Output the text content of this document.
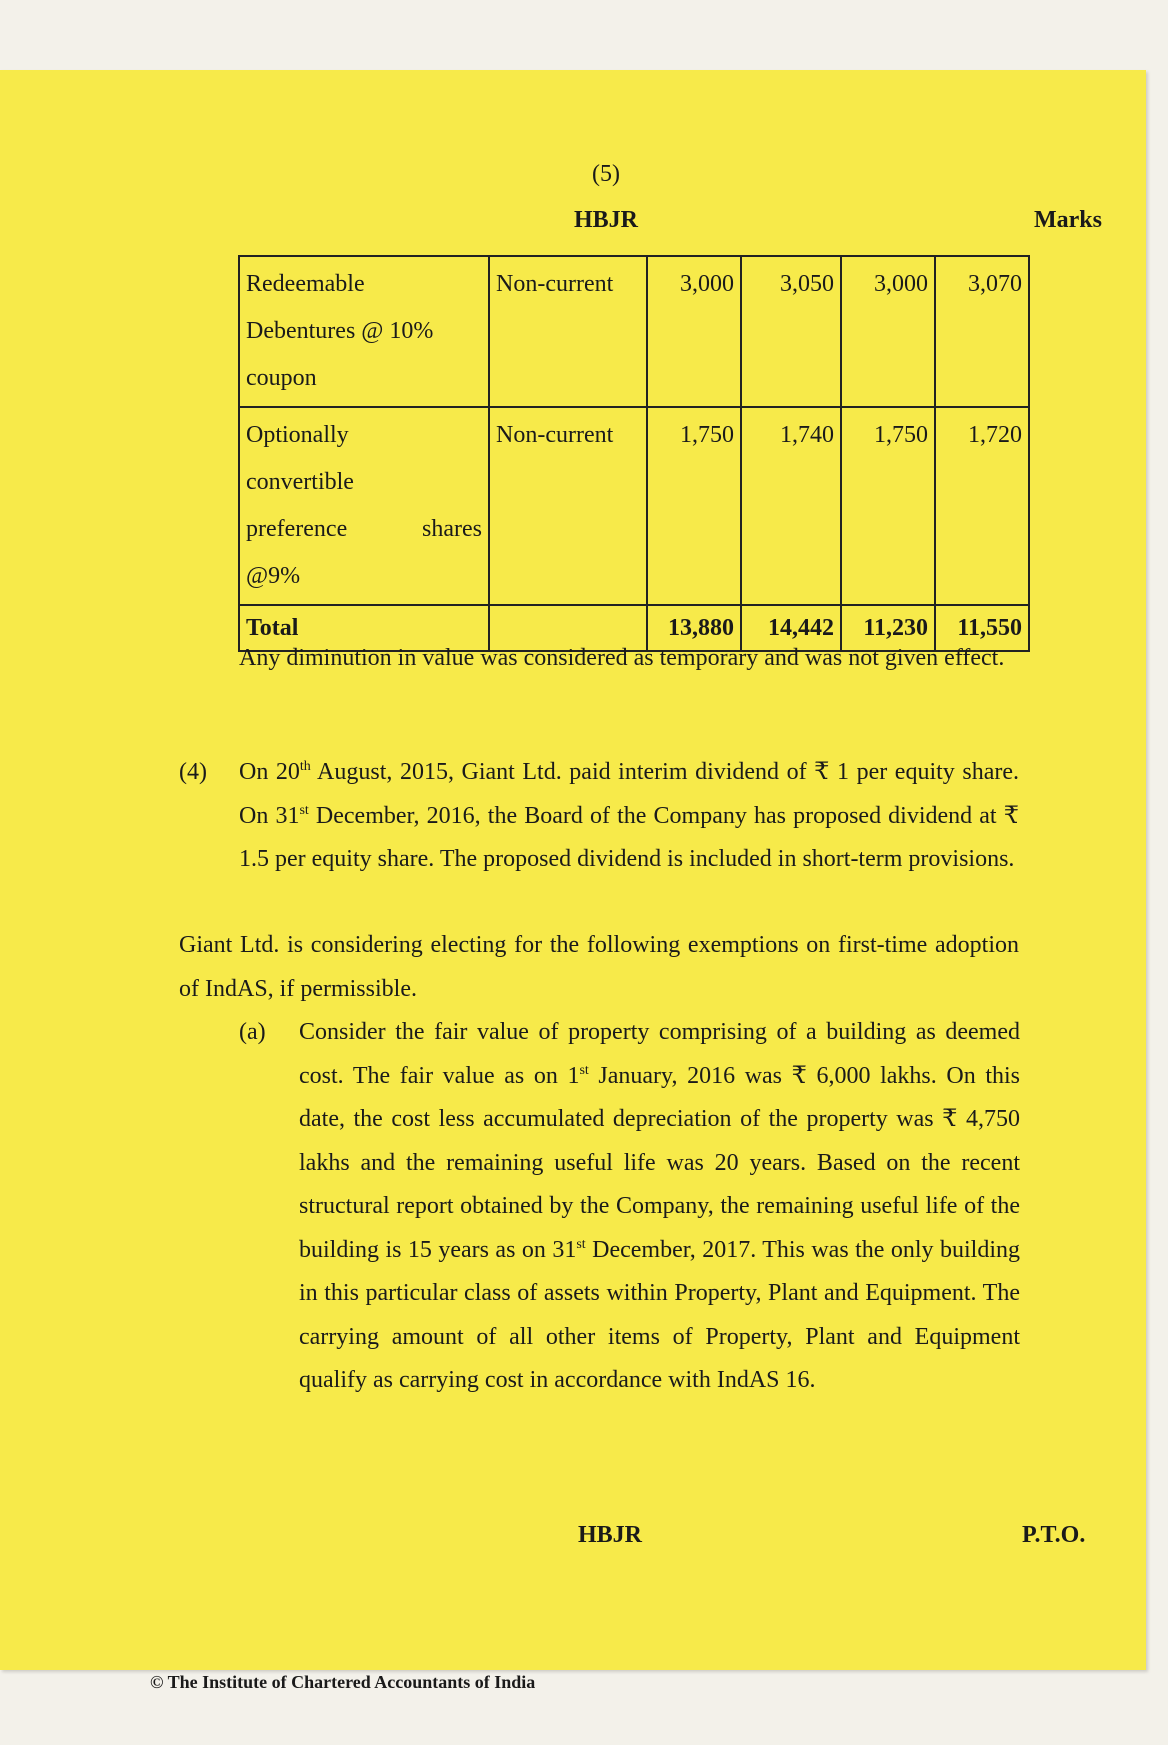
(5)
HBJR	Marks
Redeemable
Debentures @ 10%
coupon	Non-current	3,000	3,050	3,000	3,070

Optionally
convertible
preference shares
@9%	Non-current	1,750	1,740	1,750	1,720
Total		13,880	14,442	11,230	11,550
Any diminution in value was considered as temporary and was not given effect.
(4)	On 20th August, 2015, Giant Ltd. paid interim dividend of ₹ 1 per equity share. On 31st December, 2016, the Board of the Company has proposed dividend at ₹ 1.5 per equity share. The proposed dividend is included in short-term provisions.
Giant Ltd. is considering electing for the following exemptions on first-time adoption of IndAS, if permissible.
(a)	Consider the fair value of property comprising of a building as deemed cost. The fair value as on 1st January, 2016 was ₹ 6,000 lakhs. On this date, the cost less accumulated depreciation of the property was ₹ 4,750 lakhs and the remaining useful life was 20 years. Based on the recent structural report obtained by the Company, the remaining useful life of the building is 15 years as on 31st December, 2017. This was the only building in this particular class of assets within Property, Plant and Equipment. The carrying amount of all other items of Property, Plant and Equipment qualify as carrying cost in accordance with IndAS 16.
HBJR	P.T.O.
© The Institute of Chartered Accountants of India
